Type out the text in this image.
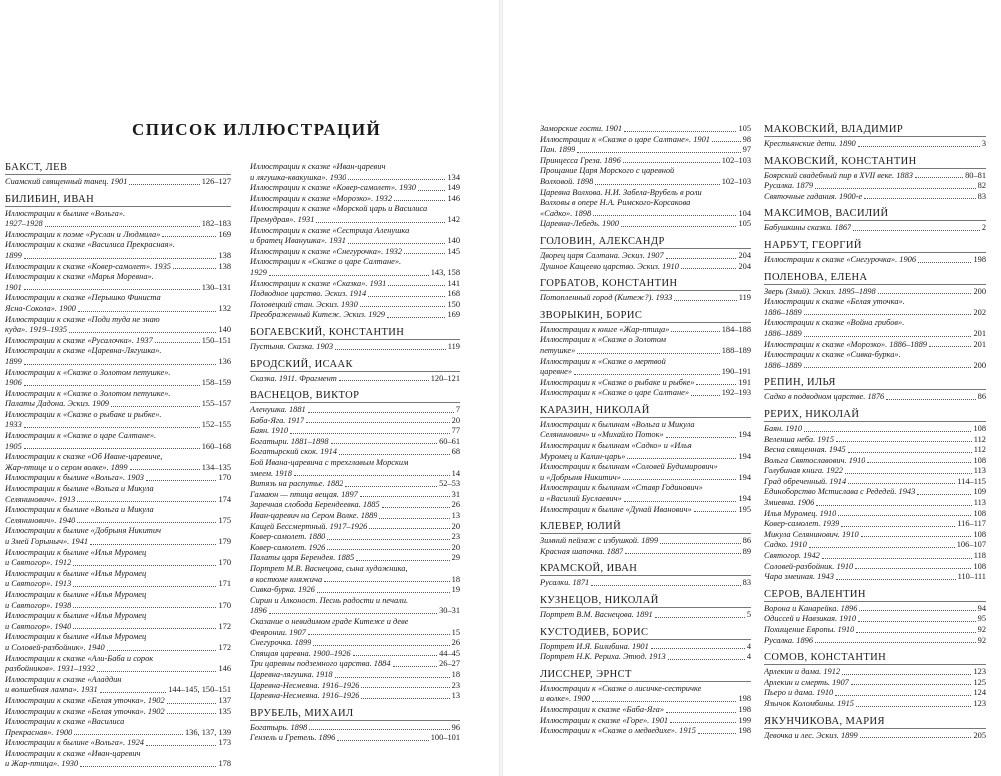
СПИСОК ИЛЛЮСТРАЦИЙ
БАКСТ, ЛЕВ
Сиамский священный танец. 1901	126–127
БИЛИБИН, ИВАН
Иллюстрации к былине «Вольга».
1927–1928	182–183
Иллюстрации к поэме «Руслан и Людмила»	169
Иллюстрации к сказке «Василиса Прекрасная».
1899	138
Иллюстрации к сказке «Ковер-самолет». 1935	138
Иллюстрации к сказке «Марья Моревна».
1901	130–131
Иллюстрации к сказке «Перышко Финиста
Ясна-Сокола». 1900	132
Иллюстрации к сказке «Поди туда не знаю
куда». 1919–1935	140
Иллюстрации к сказке «Русалочка». 1937	150–151
Иллюстрации к сказке «Царевна-Лягушка».
1899	136
Иллюстрации к «Сказке о Золотом петушке».
1906	158–159
Иллюстрации к «Сказке о Золотом петушке».
Палаты Дадона. Эскиз. 1909	155–157
Иллюстрации к «Сказке о рыбаке и рыбке».
1933	152–155
Иллюстрации к «Сказке о царе Салтане».
1905	160–168
Иллюстрации к сказке «Об Иване-царевиче,
Жар-птице и о сером волке». 1899	134–135
Иллюстрации к былине «Вольга». 1903	170
Иллюстрации к былине «Вольга и Микула
Селянинович». 1913	174
Иллюстрации к былине «Вольга и Микула
Селянинович». 1940	175
Иллюстрации к былине «Добрыня Никитич
и Змей Горыныч». 1941	179
Иллюстрации к былине «Илья Муромец
и Святогор». 1912	170
Иллюстрации к былине «Илья Муромец
и Святогор». 1913	171
Иллюстрации к былине «Илья Муромец
и Святогор». 1938	170
Иллюстрации к былине «Илья Муромец
и Святогор». 1940	172
Иллюстрации к былине «Илья Муромец
и Соловей-разбойник». 1940	172
Иллюстрации к сказке «Али-Баба и сорок
разбойников». 1931–1932	146
Иллюстрации к сказке «Аладдин
и волшебная лампа». 1931	144–145, 150–151
Иллюстрации к сказке «Белая уточка». 1902	137
Иллюстрации к сказке «Белая уточка». 1902	135
Иллюстрации к сказке «Василиса
Прекрасная». 1900	136, 137, 139
Иллюстрации к былине «Вольга». 1924	173
Иллюстрации к сказке «Иван-царевич
и Жар-птица». 1930	178
Иллюстрации к сказке «Иван-царевич
и лягушка-квакушка». 1930	134
Иллюстрации к сказке «Ковер-самолет». 1930	149
Иллюстрации к сказке «Морозко». 1932	146
Иллюстрации к сказке «Морской царь и Василиса
Премудрая». 1931	142
Иллюстрации к сказке «Сестрица Аленушка
и братец Иванушка». 1931	140
Иллюстрации к сказке «Снегурочка». 1932	145
Иллюстрации к «Сказке о царе Салтане».
1929	143, 158
Иллюстрации к сказке «Сказка». 1931	141
Подводное царство. Эскиз. 1914	168
Половецкий стан. Эскиз. 1930	150
Преображенный Китеж. Эскиз. 1929	169
БОГАЕВСКИЙ, КОНСТАНТИН
Пустыня. Сказка. 1903	119
БРОДСКИЙ, ИСААК
Сказка. 1911. Фрагмент	120–121
ВАСНЕЦОВ, ВИКТОР
Аленушка. 1881	7
Баба-Яга. 1917	20
Баян. 1910	77
Богатыри. 1881–1898	60–61
Богатырский скок. 1914	68
Бой Ивана-царевича с трехглавым Морским
змеем. 1918	14
Витязь на распутье. 1882	52–53
Гамаюн — птица вещая. 1897	31
Заречная слобода Берендеевка. 1885	26
Иван-царевич на Сером Волке. 1889	13
Кащей Бессмертный. 1917–1926	20
Ковер-самолет. 1880	23
Ковер-самолет. 1926	20
Палаты царя Берендея. 1885	29
Портрет М.В. Васнецова, сына художника,
в костюме княжича	18
Сивка-бурка. 1926	19
Сирин и Алконост. Песнь радости и печали.
1896	30–31
Сказание о невидимом граде Китеже и деве
Февронии. 1907	15
Снегурочка. 1899	26
Спящая царевна. 1900–1926	44–45
Три царевны подземного царства. 1884	26–27
Царевна-лягушка. 1918	18
Царевна-Несмеяна. 1916–1926	23
Царевна-Несмеяна. 1916–1926	13
ВРУБЕЛЬ, МИХАИЛ
Богатырь. 1898	96
Гензель и Гретель. 1896	100–101
Заморские гости. 1901	105
Иллюстрации к «Сказке о царе Салтане». 1901	98
Пан. 1899	97
Принцесса Греза. 1896	102–103
Прощание Царя Морского с царевной
Волховой. 1898	102–103
Царевна Волхова. Н.И. Забела-Врубель в роли
Волховы в опере Н.А. Римского-Корсакова
«Садко». 1898	104
Царевна-Лебедь. 1900	105
ГОЛОВИН, АЛЕКСАНДР
Дворец царя Салтана. Эскиз. 1907	204
Душное Кащеево царство. Эскиз. 1910	204
ГОРБАТОВ, КОНСТАНТИН
Потопленный город (Китеж?). 1933	119
ЗВОРЫКИН, БОРИС
Иллюстрации к книге «Жар-птица»	184–188
Иллюстрации к «Сказке о Золотом
петушке»	188–189
Иллюстрации к «Сказке о мертвой
царевне»	190–191
Иллюстрации к «Сказке о рыбаке и рыбке»	191
Иллюстрации к «Сказке о царе Салтане»	192–193
КАРАЗИН, НИКОЛАЙ
Иллюстрации к былинам «Вольга и Микула
Селянинович» и «Михайло Поток»	194
Иллюстрации к былинам «Садко» и «Илья
Муромец и Калин-царь»	194
Иллюстрации к былинам «Соловей Будимирович»
и «Добрыня Никитич»	194
Иллюстрации к былинам «Ставр Годинович»
и «Василий Буслаевич»	194
Иллюстрации к былине «Дунай Иванович»	195
КЛЕВЕР, ЮЛИЙ
Зимний пейзаж с избушкой. 1899	86
Красная шапочка. 1887	89
КРАМСКОЙ, ИВАН
Русалки. 1871	83
КУЗНЕЦОВ, НИКОЛАЙ
Портрет В.М. Васнецова. 1891	5
КУСТОДИЕВ, БОРИС
Портрет И.Я. Билибина. 1901	4
Портрет Н.К. Рериха. Этюд. 1913	4
ЛИССНЕР, ЭРНСТ
Иллюстрации к «Сказке о лисичке-сестричке
и волке». 1900	198
Иллюстрации к сказке «Баба-Яга»	198
Иллюстрации к сказке «Горе». 1901	199
Иллюстрации к «Сказке о медведихе». 1915	198
МАКОВСКИЙ, ВЛАДИМИР
Крестьянские дети. 1890	3
МАКОВСКИЙ, КОНСТАНТИН
Боярский свадебный пир в XVII веке. 1883	80–81
Русалка. 1879	82
Святочные гадания. 1900-е	83
МАКСИМОВ, ВАСИЛИЙ
Бабушкины сказки. 1867	2
НАРБУТ, ГЕОРГИЙ
Иллюстрации к сказке «Снегурочка». 1906	198
ПОЛЕНОВА, ЕЛЕНА
Зверь (Змий). Эскиз. 1895–1898	200
Иллюстрации к сказке «Белая уточка».
1886–1889	202
Иллюстрации к сказке «Война грибов».
1886–1889	201
Иллюстрации к сказке «Морозко». 1886–1889	201
Иллюстрации к сказке «Сивка-бурка».
1886–1889	200
РЕПИН, ИЛЬЯ
Садко в подводном царстве. 1876	86
РЕРИХ, НИКОЛАЙ
Баян. 1910	108
Веленша неба. 1915	112
Весна священная. 1945	112
Вольга Святославович. 1910	108
Голубиная книга. 1922	113
Град обреченный. 1914	114–115
Единоборство Мстислава с Редедей. 1943	109
Змиевна. 1906	113
Илья Муромец. 1910	108
Ковер-самолет. 1939	116–117
Микула Селянинович. 1910	108
Садко. 1910	106–107
Святогор. 1942	118
Соловей-разбойник. 1910	108
Чара змеиная. 1943	110–111
СЕРОВ, ВАЛЕНТИН
Ворона и Канарейка. 1896	94
Одиссей и Навзикая. 1910	95
Похищение Европы. 1910	92
Русалка. 1896	92
СОМОВ, КОНСТАНТИН
Арлекин и дама. 1912	123
Арлекин и смерть. 1907	125
Пьеро и дама. 1910	124
Язычок Коломбины. 1915	123
ЯКУНЧИКОВА, МАРИЯ
Девочка и лес. Эскиз. 1899	205
